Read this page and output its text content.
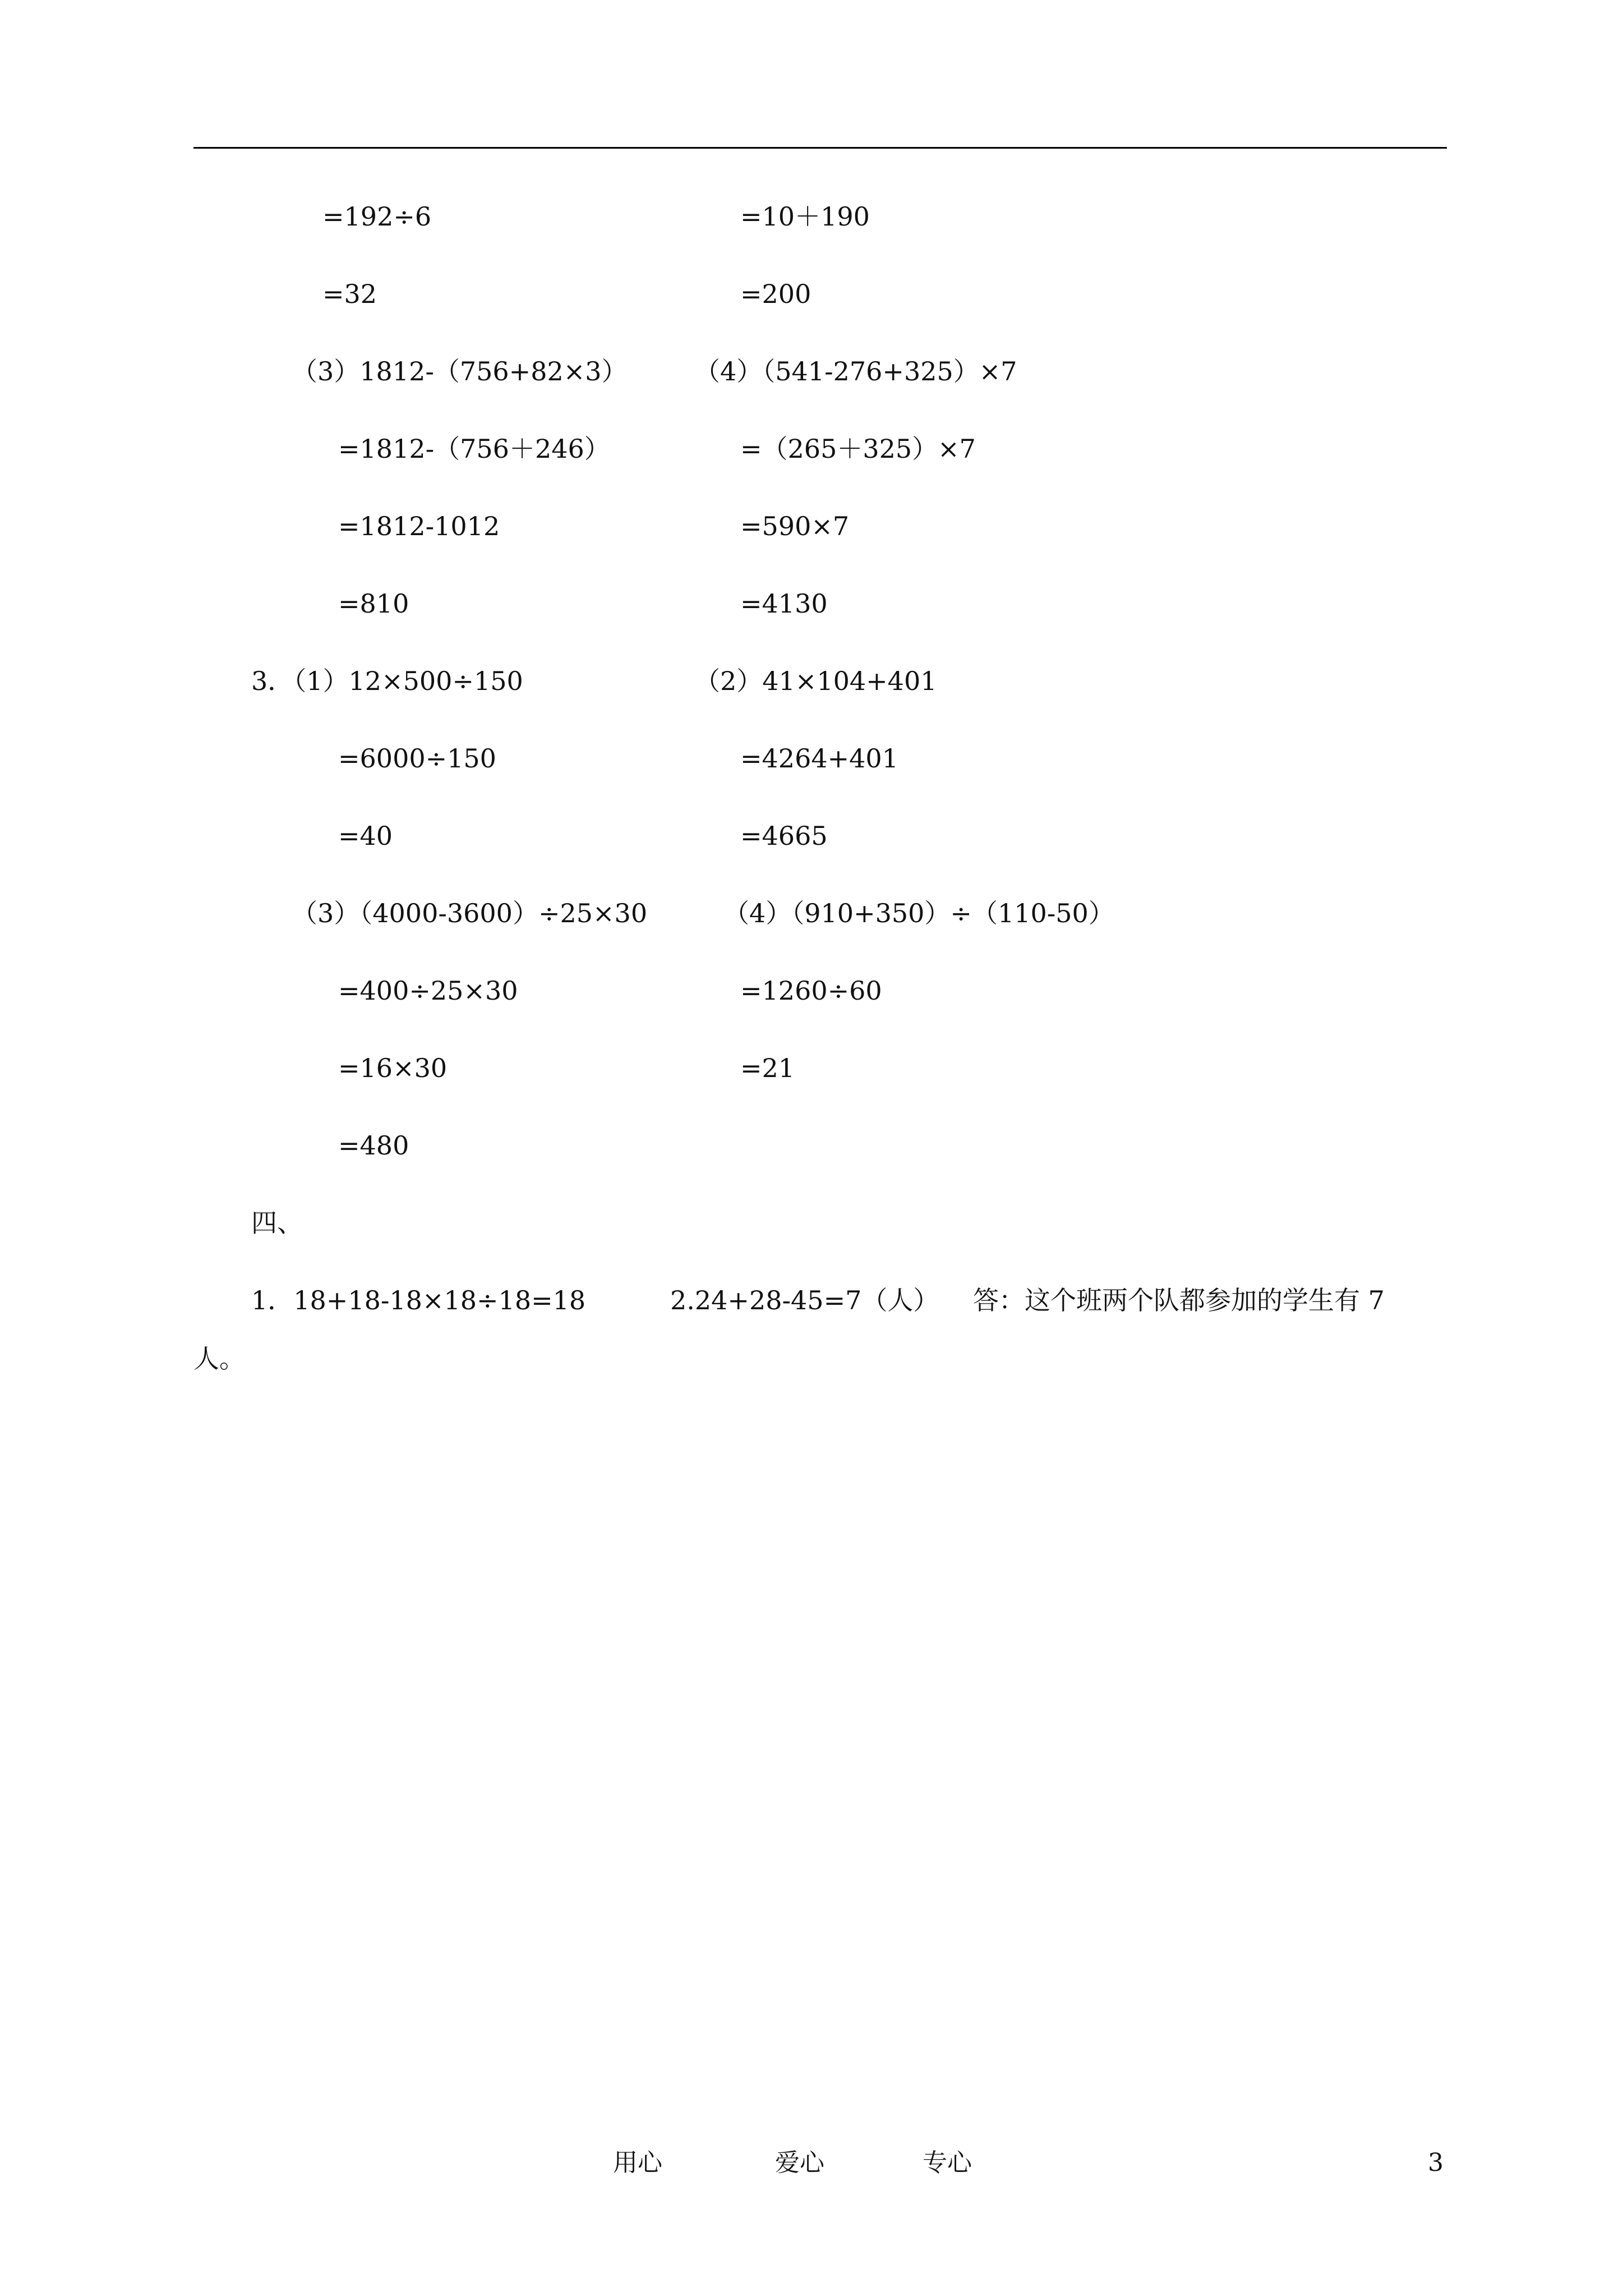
=192÷6
=32
（3）1812-（756+82×3）
=1812-（756＋246）
=1812-1012
=810
3．（1）12×500÷150
=6000÷150
=40
（3）（4000-3600）÷25×30
=400÷25×30
=16×30
=480
=10＋190
=200
（4）（541-276+325）×7
=（265＋325）×7
=590×7
=4130
（2）41×104+401
=4264+401
=4665
（4）（910+350）÷（110-50）
=1260÷60
=21
四、
1．18+18-18×18÷18=18	2.24+28-45=7（人） 答：这个班两个队都参加的学生有 7
人。
用心	爱心	专心	3
